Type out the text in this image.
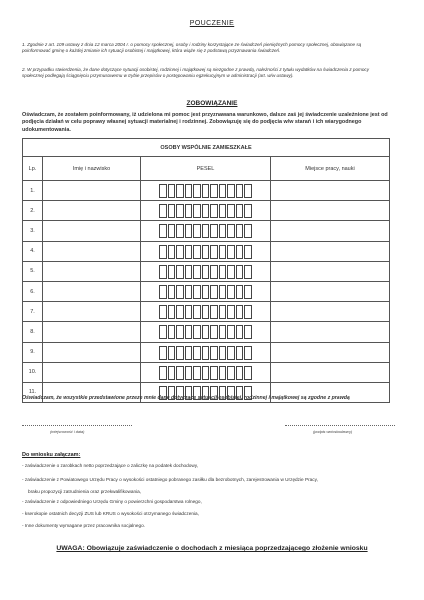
POUCZENIE
1. Zgodnie z art. 109 ustawy z dnia 12 marca 2004 r. o pomocy społecznej, osoby i rodziny korzystające ze świadczeń pieniężnych pomocy społecznej, obowiązane są poinformować gminę o każdej zmianie ich sytuacji osobistej i majątkowej, która wiąże się z podstawą przyznawania świadczeń.
2. W przypadku stwierdzenia, że dane dotyczące sytuacji osobistej, rodzinnej i majątkowej są niezgodne z prawdą, należności z tytułu wydatków na świadczenia z pomocy społecznej podlegają ściągnięciu przymusowemu w trybie przepisów o postępowaniu egzekucyjnym w administracji (art. w/w ustawy).
ZOBOWIĄZANIE
Oświadczam, że zostałem poinformowany, iż udzielona mi pomoc jest przyznawana warunkowo, dalsze zaś jej świadczenie uzależnione jest od podjęcia działań w celu poprawy własnej sytuacji materialnej i rodzinnej. Zobowiązuję się do podjęcia w/w starań i ich wiarygodnego udokumentowania.
OSOBY WSPÓLNIE ZAMIESZKAŁE			
Lp.	Imię i nazwisko	PESEL	Miejsce pracy, nauki
1.		

2.		

3.		

4.		

5.		

6.		

7.		

8.		

9.		

10.		

11.		

Oświadczam, że wszystkie przedstawione przeze mnie dane dotyczące sytuacji osobistej, rodzinnej i majątkowej są zgodne z prawdą
(miejscowość i data)	(podpis wnioskodawcy)
Do wniosku załączam:
- zaświadczenie o zarobkach netto poprzedzające o zaliczkę na podatek dochodowy,
- zaświadczenie z Powiatowego Urzędu Pracy o wysokości ostatniego pobranego zasiłku dla bezrobotnych, zarejestrowania w Urzędzie Pracy,
braku propozycji zatrudnienia oraz przekwalifikowania,
- zaświadczenie z odpowiedniego Urzędu Gminy o powierzchni gospodarstwa rolnego,
- kserokopie ostatnich decyzji ZUS lub KRUS o wysokości otrzymanego świadczenia,
- Inne dokumenty wymagane przez pracownika socjalnego.
UWAGA: Obowiązuje zaświadczenie o dochodach z miesiąca poprzedzającego złożenie wniosku
